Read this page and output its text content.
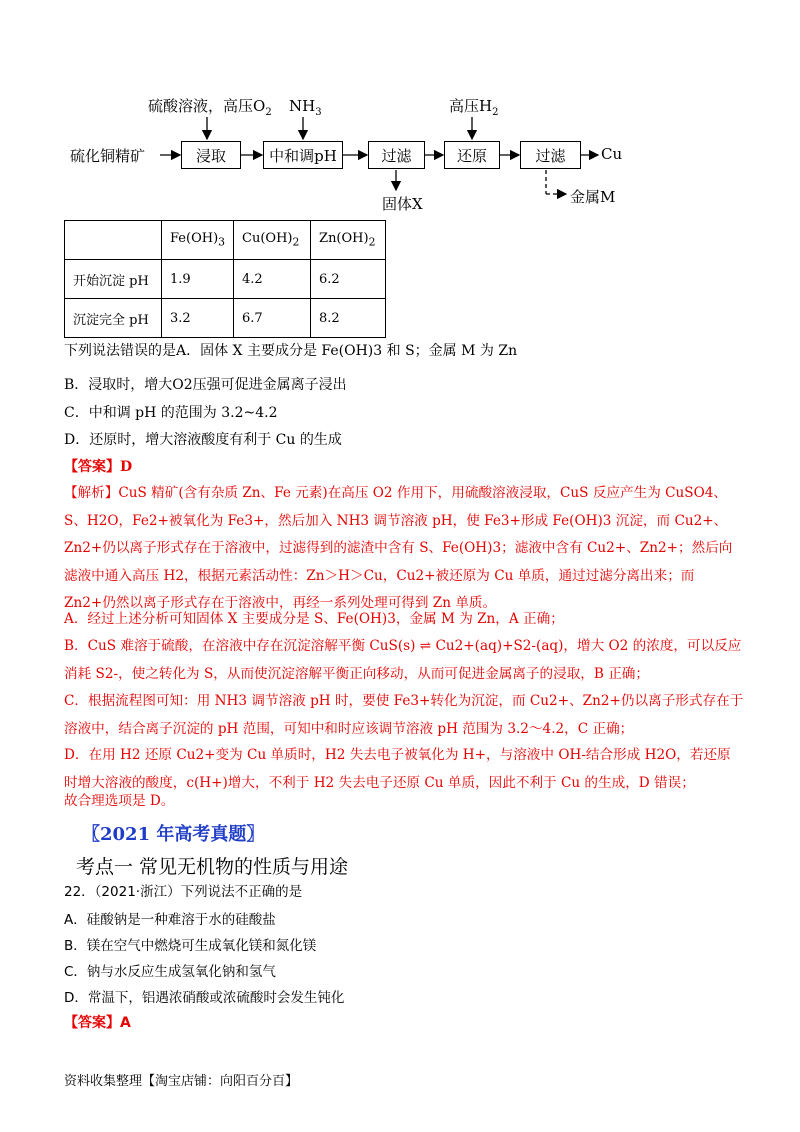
硫化铜精矿
硫酸溶液，高压$O_2$ $NH_3$	高压$H_2$
浸取	中和调pH	过滤	还原	过滤	Cu
固体X	金属M
	$Fe(OH)_3$	$Cu(OH)_2$	$Zn(OH)_2$
开始沉淀 pH	1.9	4.2	6.2
沉淀完全 pH	3.2	6.7	8.2
下列说法错误的是A．固体 X 主要成分是 Fe(OH)3 和 S；金属 M 为 Zn
B．浸取时，增大O2压强可促进金属离子浸出
C．中和调 pH 的范围为 3.2~4.2
D．还原时，增大溶液酸度有利于 Cu 的生成
【答案】D
【解析】CuS 精矿(含有杂质 Zn、Fe 元素)在高压 O2 作用下，用硫酸溶液浸取，CuS 反应产生为 CuSO4、S、H2O，Fe2+被氧化为 Fe3+，然后加入 NH3 调节溶液 pH，使 Fe3+形成 Fe(OH)3 沉淀，而 Cu2+、Zn2+仍以离子形式存在于溶液中，过滤得到的滤渣中含有 S、Fe(OH)3；滤液中含有 Cu2+、Zn2+；然后向滤液中通入高压 H2，根据元素活动性：Zn＞H＞Cu，Cu2+被还原为 Cu 单质，通过过滤分离出来；而 Zn2+仍然以离子形式存在于溶液中，再经一系列处理可得到 Zn 单质。
A．经过上述分析可知固体 X 主要成分是 S、Fe(OH)3，金属 M 为 Zn，A 正确；
B．CuS 难溶于硫酸，在溶液中存在沉淀溶解平衡 CuS(s) ⇌ Cu2+(aq)+S2-(aq)，增大 O2 的浓度，可以反应消耗 S2-，使之转化为 S，从而使沉淀溶解平衡正向移动，从而可促进金属离子的浸取，B 正确；
C．根据流程图可知：用 NH3 调节溶液 pH 时，要使 Fe3+转化为沉淀，而 Cu2+、Zn2+仍以离子形式存在于溶液中，结合离子沉淀的 pH 范围，可知中和时应该调节溶液 pH 范围为 3.2～4.2，C 正确；
D．在用 H2 还原 Cu2+变为 Cu 单质时，H2 失去电子被氧化为 H+，与溶液中 OH-结合形成 H2O，若还原时增大溶液的酸度，c(H+)增大，不利于 H2 失去电子还原 Cu 单质，因此不利于 Cu 的生成，D 错误；
故合理选项是 D。
〖2021 年高考真题〗
考点一 常见无机物的性质与用途
22．（2021·浙江）下列说法不正确的是
A．硅酸钠是一种难溶于水的硅酸盐
B．镁在空气中燃烧可生成氧化镁和氮化镁
C．钠与水反应生成氢氧化钠和氢气
D．常温下，铝遇浓硝酸或浓硫酸时会发生钝化
【答案】A
资料收集整理【淘宝店铺：向阳百分百】
